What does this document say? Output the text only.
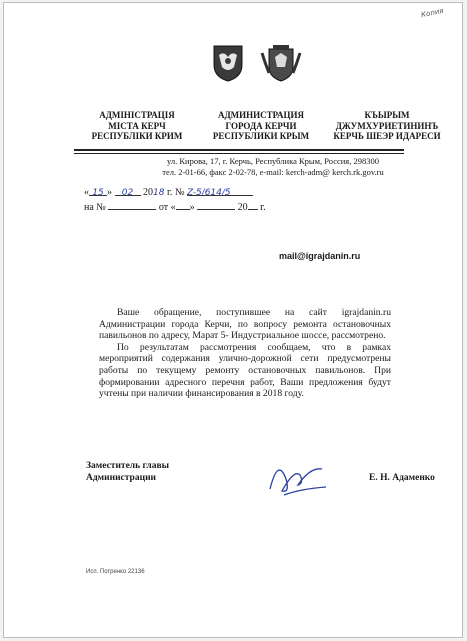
Копия
АДМІНІСТРАЦІЯ
МІСТА КЕРЧ
РЕСПУБЛІКИ КРИМ
АДМИНИСТРАЦИЯ
ГОРОДА КЕРЧИ
РЕСПУБЛИКИ КРЫМ
КЪЫРЫМ
ДЖУМХУРИЕТИНИНЪ
КЕРЧЬ ШЕЭР ИДАРЕСИ
ул. Кирова, 17, г. Керчь, Республика Крым, Россия, 298300
тел. 2-01-66, факс 2-02-78, e-mail: kerch-adm@ kerch.rk.gov.ru
« 15 » 02 2018 г. № Z-5/614/5
на №	от « »	20 г.
mail@igrajdanin.ru

Ваше обращение, поступившее на сайт igrajdanin.ru Администрации города Керчи, по вопросу ремонта остановочных павильонов по адресу, Марат 5- Индустриальное шоссе, рассмотрено.

По результатам рассмотрения сообщаем, что в рамках мероприятий содержания улично-дорожной сети предусмотрены работы по текущему ремонту остановочных павильонов. При формировании адресного перечня работ, Ваши предложения будут учтены при наличии финансирования в 2018 году.

Заместитель главы
Администрации	Е. Н. Адаменко
Исп. Потренко 22136
